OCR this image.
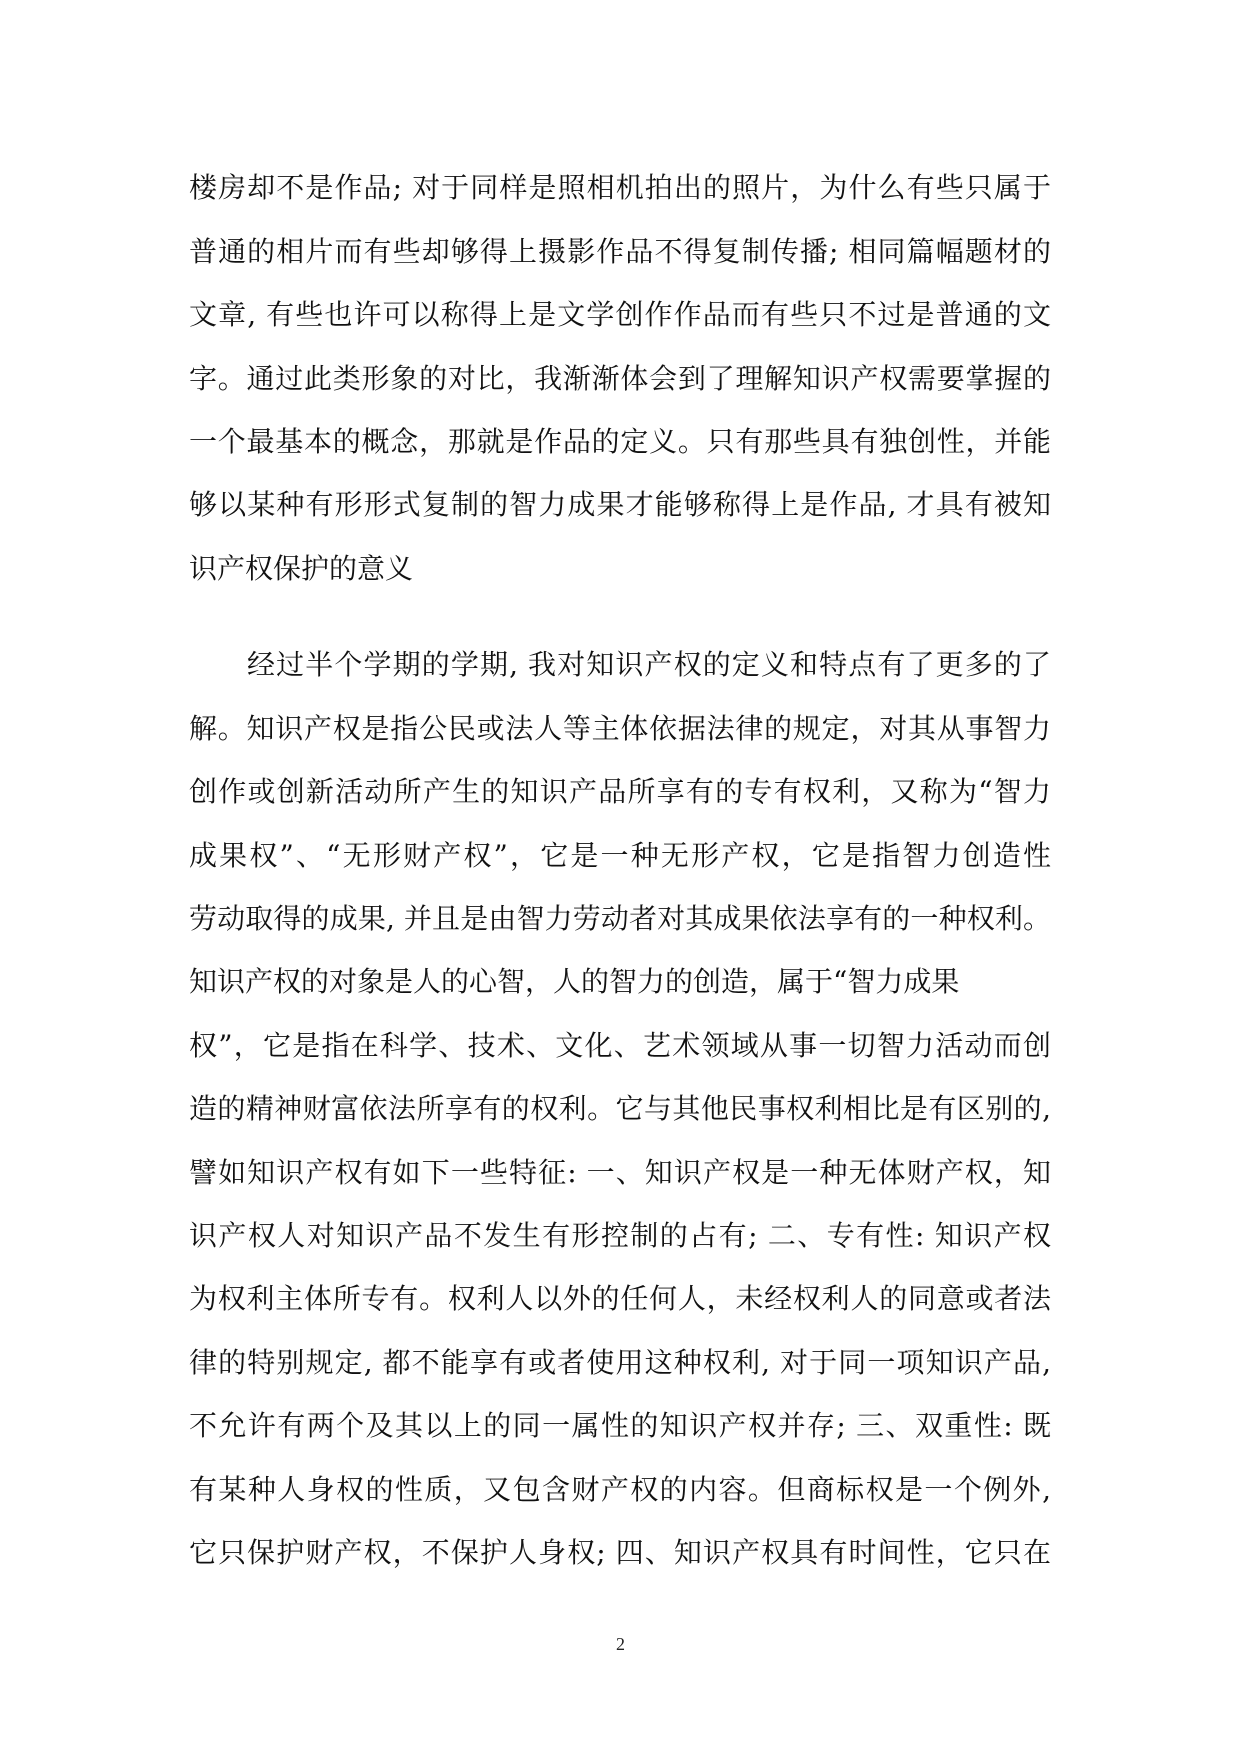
楼房却不是作品; 对于同样是照相机拍出的照片，为什么有些只属于
普通的相片而有些却够得上摄影作品不得复制传播; 相同篇幅题材的
文章, 有些也许可以称得上是文学创作作品而有些只不过是普通的文
字。通过此类形象的对比，我渐渐体会到了理解知识产权需要掌握的
一个最基本的概念，那就是作品的定义。只有那些具有独创性，并能
够以某种有形形式复制的智力成果才能够称得上是作品, 才具有被知
识产权保护的意义
经过半个学期的学期, 我对知识产权的定义和特点有了更多的了
解。知识产权是指公民或法人等主体依据法律的规定，对其从事智力
创作或创新活动所产生的知识产品所享有的专有权利，又称为“智力
成果权”、“无形财产权”，它是一种无形产权，它是指智力创造性
劳动取得的成果, 并且是由智力劳动者对其成果依法享有的一种权利。
知识产权的对象是人的心智，人的智力的创造，属于“智力成果
权”，它是指在科学、技术、文化、艺术领域从事一切智力活动而创
造的精神财富依法所享有的权利。它与其他民事权利相比是有区别的,
譬如知识产权有如下一些特征: 一、知识产权是一种无体财产权，知
识产权人对知识产品不发生有形控制的占有; 二、专有性: 知识产权
为权利主体所专有。权利人以外的任何人，未经权利人的同意或者法
律的特别规定, 都不能享有或者使用这种权利, 对于同一项知识产品,
不允许有两个及其以上的同一属性的知识产权并存; 三、双重性: 既
有某种人身权的性质，又包含财产权的内容。但商标权是一个例外,
它只保护财产权，不保护人身权; 四、知识产权具有时间性，它只在
2
